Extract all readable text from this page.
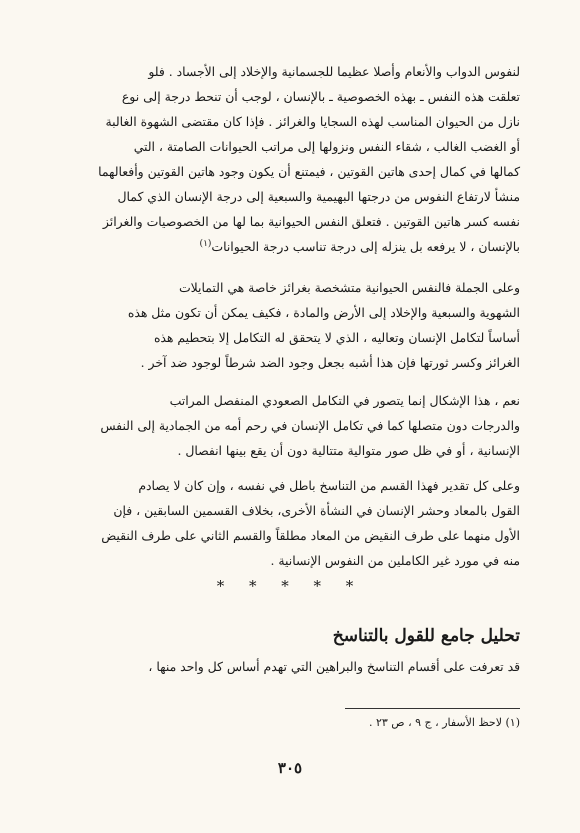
لنفوس الدواب والأنعام وأصلا عظيما للجسمانية والإخلاد إلى الأجساد . فلو

تعلقت هذه النفس ـ بهذه الخصوصية ـ بالإنسان ، لوجب أن تنحط درجة إلى نوع

نازل من الحيوان المناسب لهذه السجايا والغرائز . فإذا كان مقتضى الشهوة الغالبة

أو الغضب الغالب ، شقاء النفس ونزولها إلى مراتب الحيوانات الصامتة ، التي

كمالها في كمال إحدى هاتين القوتين ، فيمتنع أن يكون وجود هاتين القوتين وأفعالهما

منشأ لارتفاع النفوس من درجتها البهيمية والسبعية إلى درجة الإنسان الذي كمال

نفسه كسر هاتين القوتين . فتعلق النفس الحيوانية بما لها من الخصوصيات والغرائز

بالإنسان ، لا يرفعه بل ينزله إلى درجة تناسب درجة الحيوانات$^{(١)}$

وعلى الجملة فالنفس الحيوانية متشخصة بغرائز خاصة هي التمايلات

الشهوية والسبعية والإخلاد إلى الأرض والمادة ، فكيف يمكن أن تكون مثل هذه

أساساً لتكامل الإنسان وتعاليه ، الذي لا يتحقق له التكامل إلا بتحطيم هذه

الغرائز وكسر ثورتها فإن هذا أشبه بجعل وجود الضد شرطاً لوجود ضد آخر .

نعم ، هذا الإشكال إنما يتصور في التكامل الصعودي المنفصل المراتب

والدرجات دون متصلها كما في تكامل الإنسان في رحم أمه من الجمادية إلى النفس

الإنسانية ، أو في ظل صور متوالية متتالية دون أن يقع بينها انفصال .

وعلى كل تقدير فهذا القسم من التناسخ باطل في نفسه ، وإن كان لا يصادم

القول بالمعاد وحشر الإنسان في النشأة الأخرى، بخلاف القسمين السابقين ، فإن

الأول منهما على طرف النقيض من المعاد مطلقاً والقسم الثاني على طرف النقيض

منه في مورد غير الكاملين من النفوس الإنسانية .

* * * * *
تحليل جامع للقول بالتناسخ

قد تعرفت على أقسام التناسخ والبراهين التي تهدم أساس كل واحد منها ،

(١) لاحظ الأسفار ، ج ٩ ، ص ٢٣ .
٣٠٥
